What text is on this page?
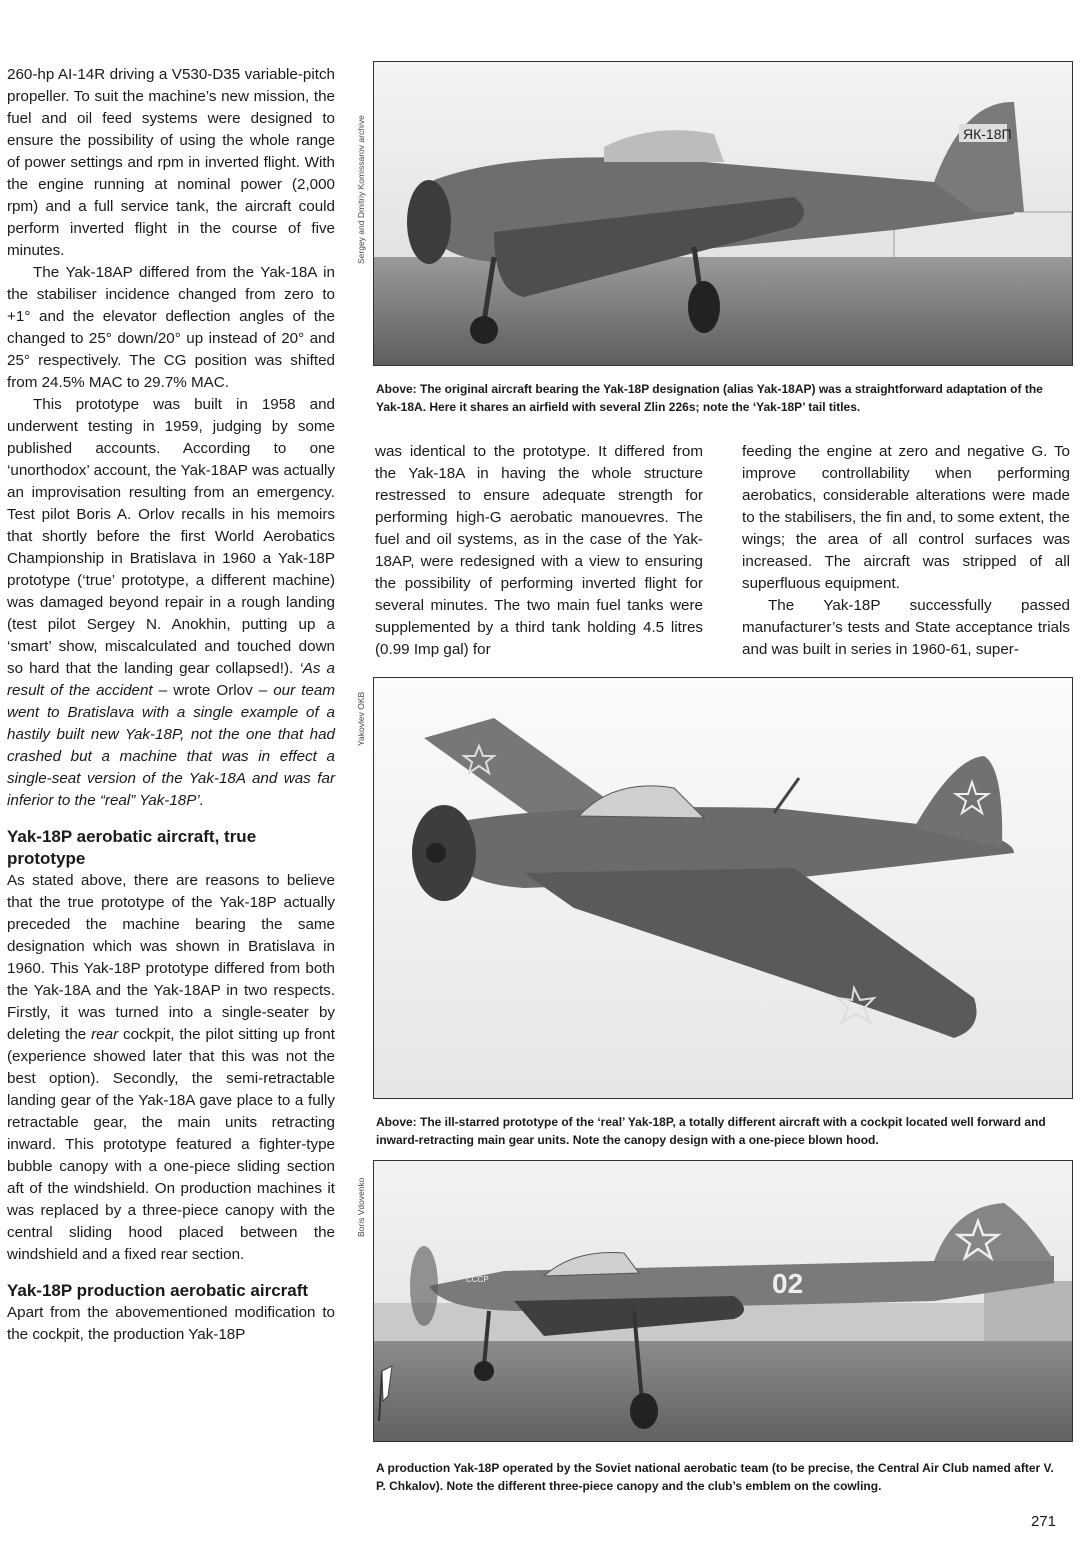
260-hp AI-14R driving a V530-D35 variable-pitch propeller. To suit the machine’s new mission, the fuel and oil feed systems were designed to ensure the possibility of using the whole range of power settings and rpm in inverted flight. With the engine running at nominal power (2,000 rpm) and a full service tank, the aircraft could perform inverted flight in the course of five minutes.

The Yak-18AP differed from the Yak-18A in the stabiliser incidence changed from zero to +1° and the elevator deflection angles of the changed to 25° down/20° up instead of 20° and 25° respectively. The CG position was shifted from 24.5% MAC to 29.7% MAC.

This prototype was built in 1958 and underwent testing in 1959, judging by some published accounts. According to one ‘unorthodox’ account, the Yak-18AP was actually an improvisation resulting from an emergency. Test pilot Boris A. Orlov recalls in his memoirs that shortly before the first World Aerobatics Championship in Bratislava in 1960 a Yak-18P prototype (‘true’ prototype, a different machine) was damaged beyond repair in a rough landing (test pilot Sergey N. Anokhin, putting up a ‘smart’ show, miscalculated and touched down so hard that the landing gear collapsed!). ‘As a result of the accident – wrote Orlov – our team went to Bratislava with a single example of a hastily built new Yak-18P, not the one that had crashed but a machine that was in effect a single-seat version of the Yak-18A and was far inferior to the “real” Yak-18P’.

Yak-18P aerobatic aircraft, true prototype

As stated above, there are reasons to believe that the true prototype of the Yak-18P actually preceded the machine bearing the same designation which was shown in Bratislava in 1960. This Yak-18P prototype differed from both the Yak-18A and the Yak-18AP in two respects. Firstly, it was turned into a single-seater by deleting the rear cockpit, the pilot sitting up front (experience showed later that this was not the best option). Secondly, the semi-retractable landing gear of the Yak-18A gave place to a fully retractable gear, the main units retracting inward. This prototype featured a fighter-type bubble canopy with a one-piece sliding section aft of the windshield. On production machines it was replaced by a three-piece canopy with the central sliding hood placed between the windshield and a fixed rear section.

Yak-18P production aerobatic aircraft

Apart from the abovementioned modification to the cockpit, the production Yak-18P

was identical to the prototype. It differed from the Yak-18A in having the whole structure restressed to ensure adequate strength for performing high-G aerobatic manouevres. The fuel and oil systems, as in the case of the Yak-18AP, were redesigned with a view to ensuring the possibility of performing inverted flight for several minutes. The two main fuel tanks were supplemented by a third tank holding 4.5 litres (0.99 Imp gal) for

feeding the engine at zero and negative G. To improve controllability when performing aerobatics, considerable alterations were made to the stabilisers, the fin and, to some extent, the wings; the area of all control surfaces was increased. The aircraft was stripped of all superfluous equipment.

The Yak-18P successfully passed manufacturer’s tests and State acceptance trials and was built in series in 1960-61, super-

Sergey and Dmitriy Komissarov archive	ЯК-18П
Above: The original aircraft bearing the Yak-18P designation (alias Yak-18AP) was a straightforward adaptation of the Yak-18A. Here it shares an airfield with several Zlin 226s; note the ‘Yak-18P’ tail titles.
Yakovlev OKB
Above: The ill-starred prototype of the ‘real’ Yak-18P, a totally different aircraft with a cockpit located well forward and inward-retracting main gear units. Note the canopy design with a one-piece blown hood.
Boris Vdovenko
02
СССР
A production Yak-18P operated by the Soviet national aerobatic team (to be precise, the Central Air Club named after V. P. Chkalov). Note the different three-piece canopy and the club’s emblem on the cowling.
271
